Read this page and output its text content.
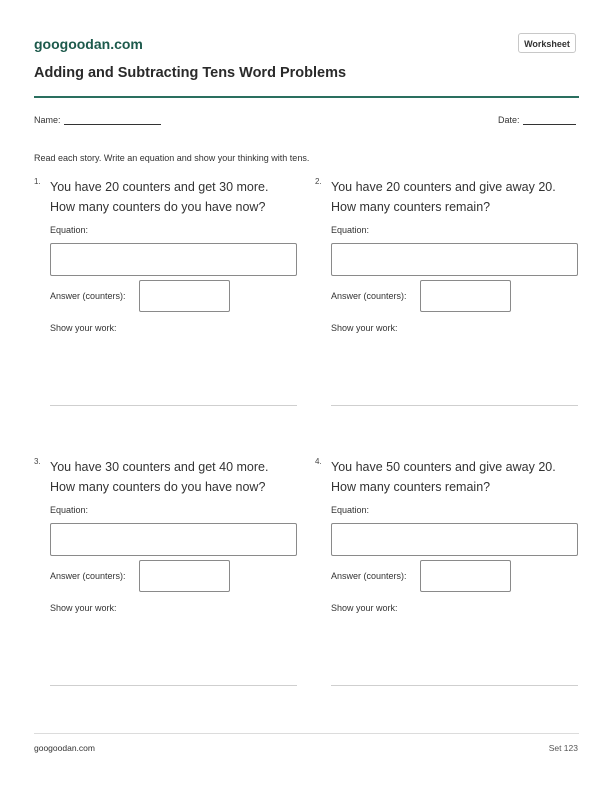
googoodan.com	Worksheet
Adding and Subtracting Tens Word Problems
Name:	Date:
Read each story. Write an equation and show your thinking with tens.
1. You have 20 counters and get 30 more.
How many counters do you have now?
Equation:
Answer (counters):
Show your work:
2. You have 20 counters and give away 20.
How many counters remain?
Equation:
Answer (counters):
Show your work:
3. You have 30 counters and get 40 more.
How many counters do you have now?
Equation:
Answer (counters):
Show your work:
4. You have 50 counters and give away 20.
How many counters remain?
Equation:
Answer (counters):
Show your work:
googoodan.com	Set 123
